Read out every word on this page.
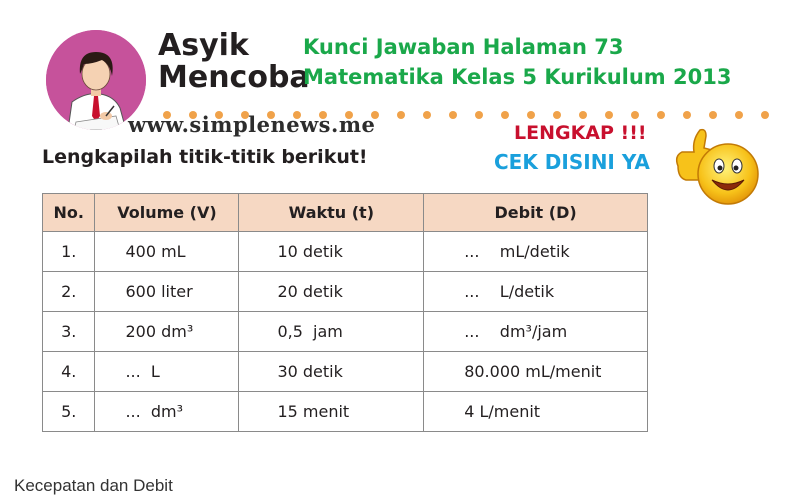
Asyik
Mencoba
Kunci Jawaban Halaman 73
Matematika Kelas 5 Kurikulum 2013
www.simplenews.me	LENGKAP !!!
CEK DISINI YA
Lengkapilah titik-titik berikut!
No.	Volume (V)	Waktu (t)	Debit (D)
1.	400 mL	10 detik	...    mL/detik
2.	600 liter	20 detik	...    L/detik
3.	200 dm³	0,5  jam	...    dm³/jam
4.	...  L	30 detik	80.000 mL/menit
5.	...  dm³	15 menit	4 L/menit
Kecepatan dan Debit
